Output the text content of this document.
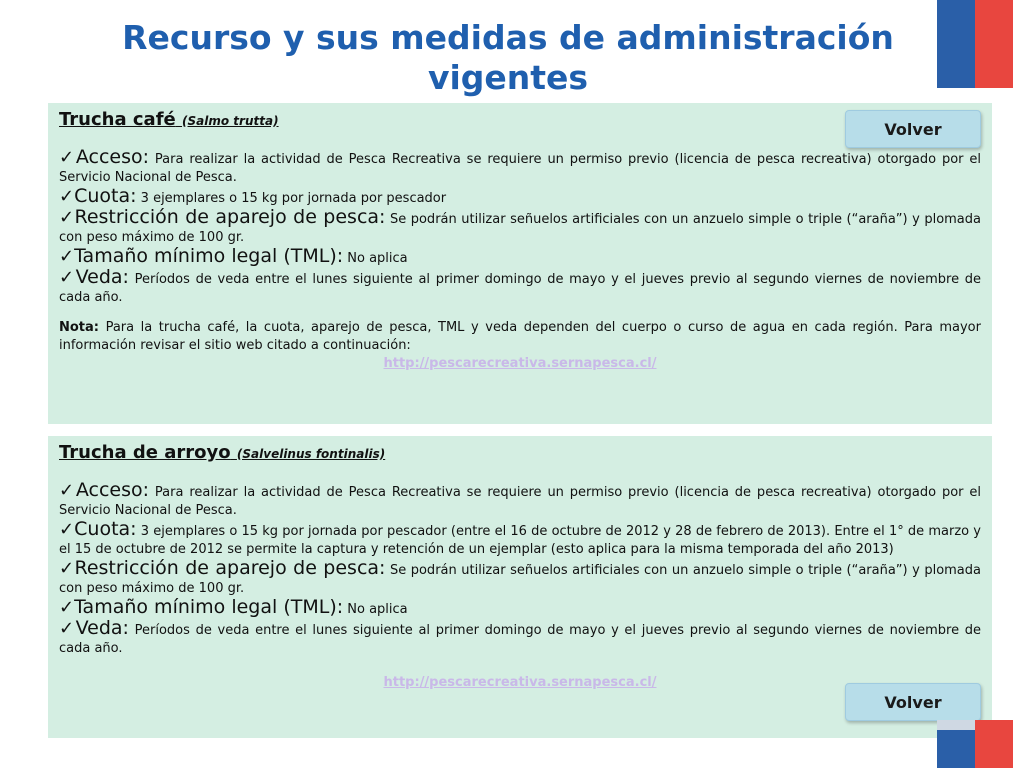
Recurso y sus medidas de administración vigentes

Trucha café (Salmo trutta)

✓Acceso: Para realizar la actividad de Pesca Recreativa se requiere un permiso previo (licencia de pesca recreativa) otorgado por el Servicio Nacional de Pesca.

✓Cuota: 3 ejemplares o 15 kg por jornada por pescador

✓Restricción de aparejo de pesca: Se podrán utilizar señuelos artificiales con un anzuelo simple o triple (“araña”) y plomada con peso máximo de 100 gr.

✓Tamaño mínimo legal (TML): No aplica

✓Veda: Períodos de veda entre el lunes siguiente al primer domingo de mayo y el jueves previo al segundo viernes de noviembre de cada año.

Nota: Para la trucha café, la cuota, aparejo de pesca, TML y veda dependen del cuerpo o curso de agua en cada región. Para mayor información revisar el sitio web citado a continuación:

http://pescarecreativa.sernapesca.cl/
Volver

Trucha de arroyo (Salvelinus fontinalis)

✓Acceso: Para realizar la actividad de Pesca Recreativa se requiere un permiso previo (licencia de pesca recreativa) otorgado por el Servicio Nacional de Pesca.

✓Cuota: 3 ejemplares o 15 kg por jornada por pescador (entre el 16 de octubre de 2012 y 28 de febrero de 2013). Entre el 1° de marzo y el 15 de octubre de 2012 se permite la captura y retención de un ejemplar (esto aplica para la misma temporada del año 2013)

✓Restricción de aparejo de pesca: Se podrán utilizar señuelos artificiales con un anzuelo simple o triple (“araña”) y plomada con peso máximo de 100 gr.

✓Tamaño mínimo legal (TML): No aplica

✓Veda: Períodos de veda entre el lunes siguiente al primer domingo de mayo y el jueves previo al segundo viernes de noviembre de cada año.

http://pescarecreativa.sernapesca.cl/
Volver
